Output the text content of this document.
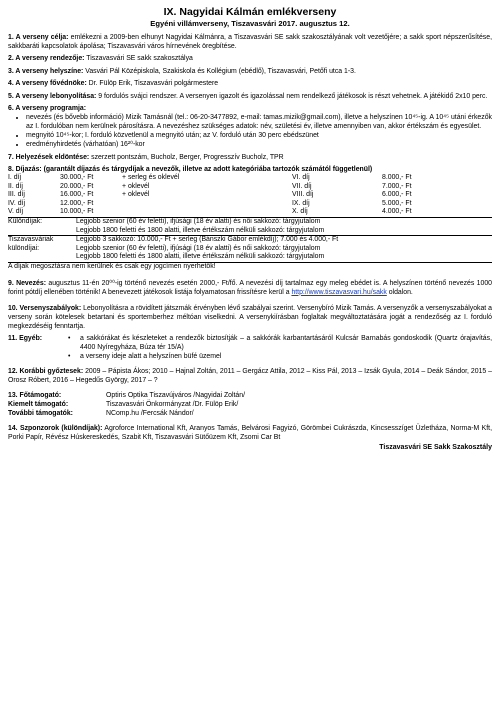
IX. Nagyidai Kálmán emlékverseny
Egyéni villámverseny, Tiszavasvári 2017. augusztus 12.
1. A verseny célja: emlékezni a 2009-ben elhunyt Nagyidai Kálmánra, a Tiszavasvári SE sakk szakosztályának volt vezetőjére; a sakk sport népszerűsítése, sakkbaráti kapcsolatok ápolása; Tiszavasvári város hírnevének öregbítése.
2. A verseny rendezője: Tiszavasvári SE sakk szakosztálya
3. A verseny helyszíne: Vasvári Pál Középiskola, Szakiskola és Kollégium (ebédlő), Tiszavasvári, Petőfi utca 1-3.
4. A verseny fővédnöke: Dr. Fülöp Erik, Tiszavasvári polgármestere
5. A verseny lebonyolítása: 9 fordulós svájci rendszer. A versenyen igazolt és igazolással nem rendelkező játékosok is részt vehetnek. A játékidő 2x10 perc.
6. A verseny programja:
• nevezés (és bővebb információ) Mizik Tamásnál (tel.: 06-20-3477892, e-mail: tamas.mizik@gmail.com), illetve a helyszínen 10⁴⁵-ig. A 10⁴⁵ utáni érkezők az I. fordulóban nem kerülnek párosításra. A nevezéshez szükséges adatok: név, születési év, illetve amennyiben van, akkor értékszám és egyesület.
• megnyitó 10⁴⁵-kor; I. forduló közvetlenül a megnyitó után; az V. forduló után 30 perc ebédszünet
• eredményhirdetés (várhatóan) 16²⁰-kor
7. Helyezések eldöntése: szerzett pontszám, Bucholz, Berger, Progresszív Bucholz, TPR
8. Díjazás: (garantált díjazás és tárgydíjak a nevezők, illetve az adott kategóriába tartozók számától függetlenül)
I. díj	30.000,- Ft	+ serleg és oklevél	VI. díj	8.000,- Ft
II. díj	20.000,- Ft	+ oklevél	VII. díj	7.000,- Ft
III. díj	16.000,- Ft	+ oklevél	VIII. díj	6.000,- Ft
IV. díj	12.000,- Ft		IX. díj	5.000,- Ft
V. díj	10.000,- Ft		X. díj	4.000,- Ft
Különdíjak:	Legjobb szenior (60 év feletti), ifjúsági (18 év alatti) és női sakkozó: tárgyjutalom
	Legjobb 1800 feletti és 1800 alatti, illetve értékszám nélküli sakkozó: tárgyjutalom
Tiszavasváriak különdíjai:	Legjobb 3 sakkozó: 10.000,- Ft + serleg (Bánszki Gábor emlékdíj); 7.000 és 4.000,- Ft
	Legjobb szenior (60 év feletti), ifjúsági (18 év alatti) és női sakkozó: tárgyjutalom
	Legjobb 1800 feletti és 1800 alatti, illetve értékszám nélküli sakkozó: tárgyjutalom
A díjak megosztásra nem kerülnek és csak egy jogcímen nyerhetők!	
9. Nevezés: augusztus 11-én 20⁰⁰-ig történő nevezés esetén 2000,- Ft/fő. A nevezési díj tartalmaz egy meleg ebédet is. A helyszínen történő nevezés 1000 forint pótdíj ellenében történik! A benevezett játékosok listája folyamatosan frissítésre kerül a http://www.tiszavasvari.hu/sakk oldalon.
10. Versenyszabályok: Lebonyolításra a rövidített játszmák érvényben lévő szabályai szerint. Versenybíró Mizik Tamás. A versenyzők a versenyszabályokat a verseny során kötelesek betartani és sportemberhez méltóan viselkedni. A versenykiírásban foglaltak megváltoztatására jogát a rendezőség az I. forduló megkezdéséig fenntartja.
11. Egyéb:	•	a sakkórákat és készleteket a rendezők biztosítják – a sakkórák karbantartásáról Kulcsár Barnabás gondoskodik (Quartz órajavítás, 4400 Nyíregyháza, Búza tér 15/A)
•	a verseny ideje alatt a helyszínen büfé üzemel
12. Korábbi győztesek: 2009 – Pápista Ákos; 2010 – Hajnal Zoltán, 2011 – Gergácz Attila, 2012 – Kiss Pál, 2013 – Izsák Gyula, 2014 – Deák Sándor, 2015 – Orosz Róbert, 2016 – Hegedűs György, 2017 – ?
13. Főtámogató:	Optiris Optika Tiszavújváros /Nagyidai Zoltán/
Kiemelt támogató:	Tiszavasvári Önkormányzat /Dr. Fülöp Erik/
További támogatók:	NComp.hu /Fercsák Nándor/
14. Szponzorok (különdíjak): Agroforce International Kft, Aranyos Tamás, Belvárosi Fagyizó, Görömbei Cukrászda, Kincsesszíget Üzletháza, Norma-M Kft, Porki Papír, Révész Húskereskedés, Szabit Kft, Tiszavasvári Sütőüzem Kft, Zsomi Car Bt
Tiszavasvári SE Sakk Szakosztály
